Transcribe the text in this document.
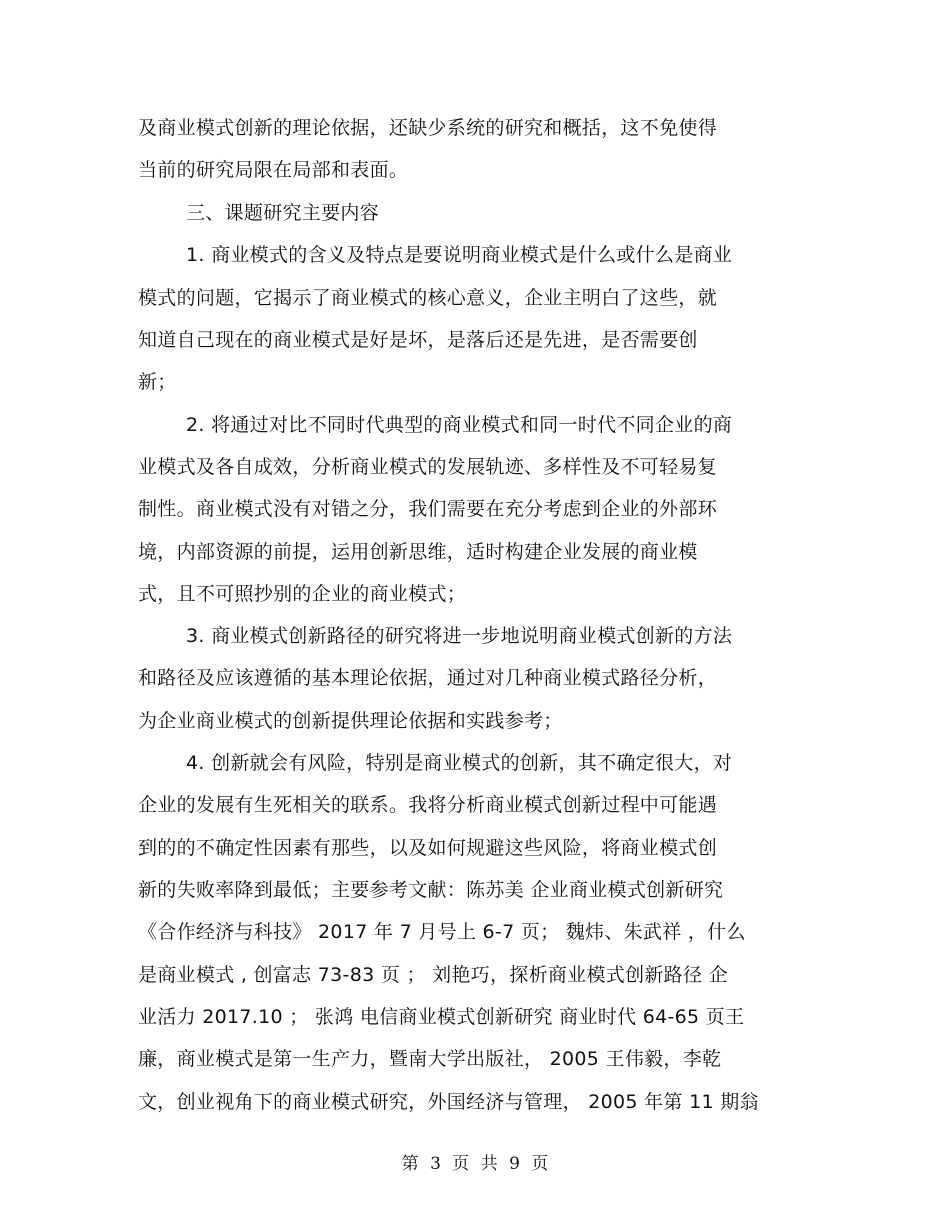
及商业模式创新的理论依据，还缺少系统的研究和概括，这不免使得
当前的研究局限在局部和表面。
三、课题研究主要内容
1. 商业模式的含义及特点是要说明商业模式是什么或什么是商业
模式的问题，它揭示了商业模式的核心意义，企业主明白了这些，就
知道自己现在的商业模式是好是坏，是落后还是先进，是否需要创
新；
2. 将通过对比不同时代典型的商业模式和同一时代不同企业的商
业模式及各自成效，分析商业模式的发展轨迹、多样性及不可轻易复
制性。商业模式没有对错之分，我们需要在充分考虑到企业的外部环
境，内部资源的前提，运用创新思维，适时构建企业发展的商业模
式，且不可照抄别的企业的商业模式；
3. 商业模式创新路径的研究将进一步地说明商业模式创新的方法
和路径及应该遵循的基本理论依据，通过对几种商业模式路径分析，
为企业商业模式的创新提供理论依据和实践参考；
4. 创新就会有风险，特别是商业模式的创新，其不确定很大，对
企业的发展有生死相关的联系。我将分析商业模式创新过程中可能遇
到的的不确定性因素有那些，以及如何规避这些风险，将商业模式创
新的失败率降到最低；主要参考文献：陈苏美 企业商业模式创新研究
《合作经济与科技》 2017 年 7 月号上 6-7 页； 魏炜、朱武祥 ，什么
是商业模式 , 创富志 73-83 页 ； 刘艳巧，探析商业模式创新路径 企
业活力 2017.10 ； 张鸿 电信商业模式创新研究 商业时代 64-65 页王
廉，商业模式是第一生产力，暨南大学出版社， 2005 王伟毅，李乾
文，创业视角下的商业模式研究，外国经济与管理， 2005 年第 11 期翁
第 3 页 共 9 页
